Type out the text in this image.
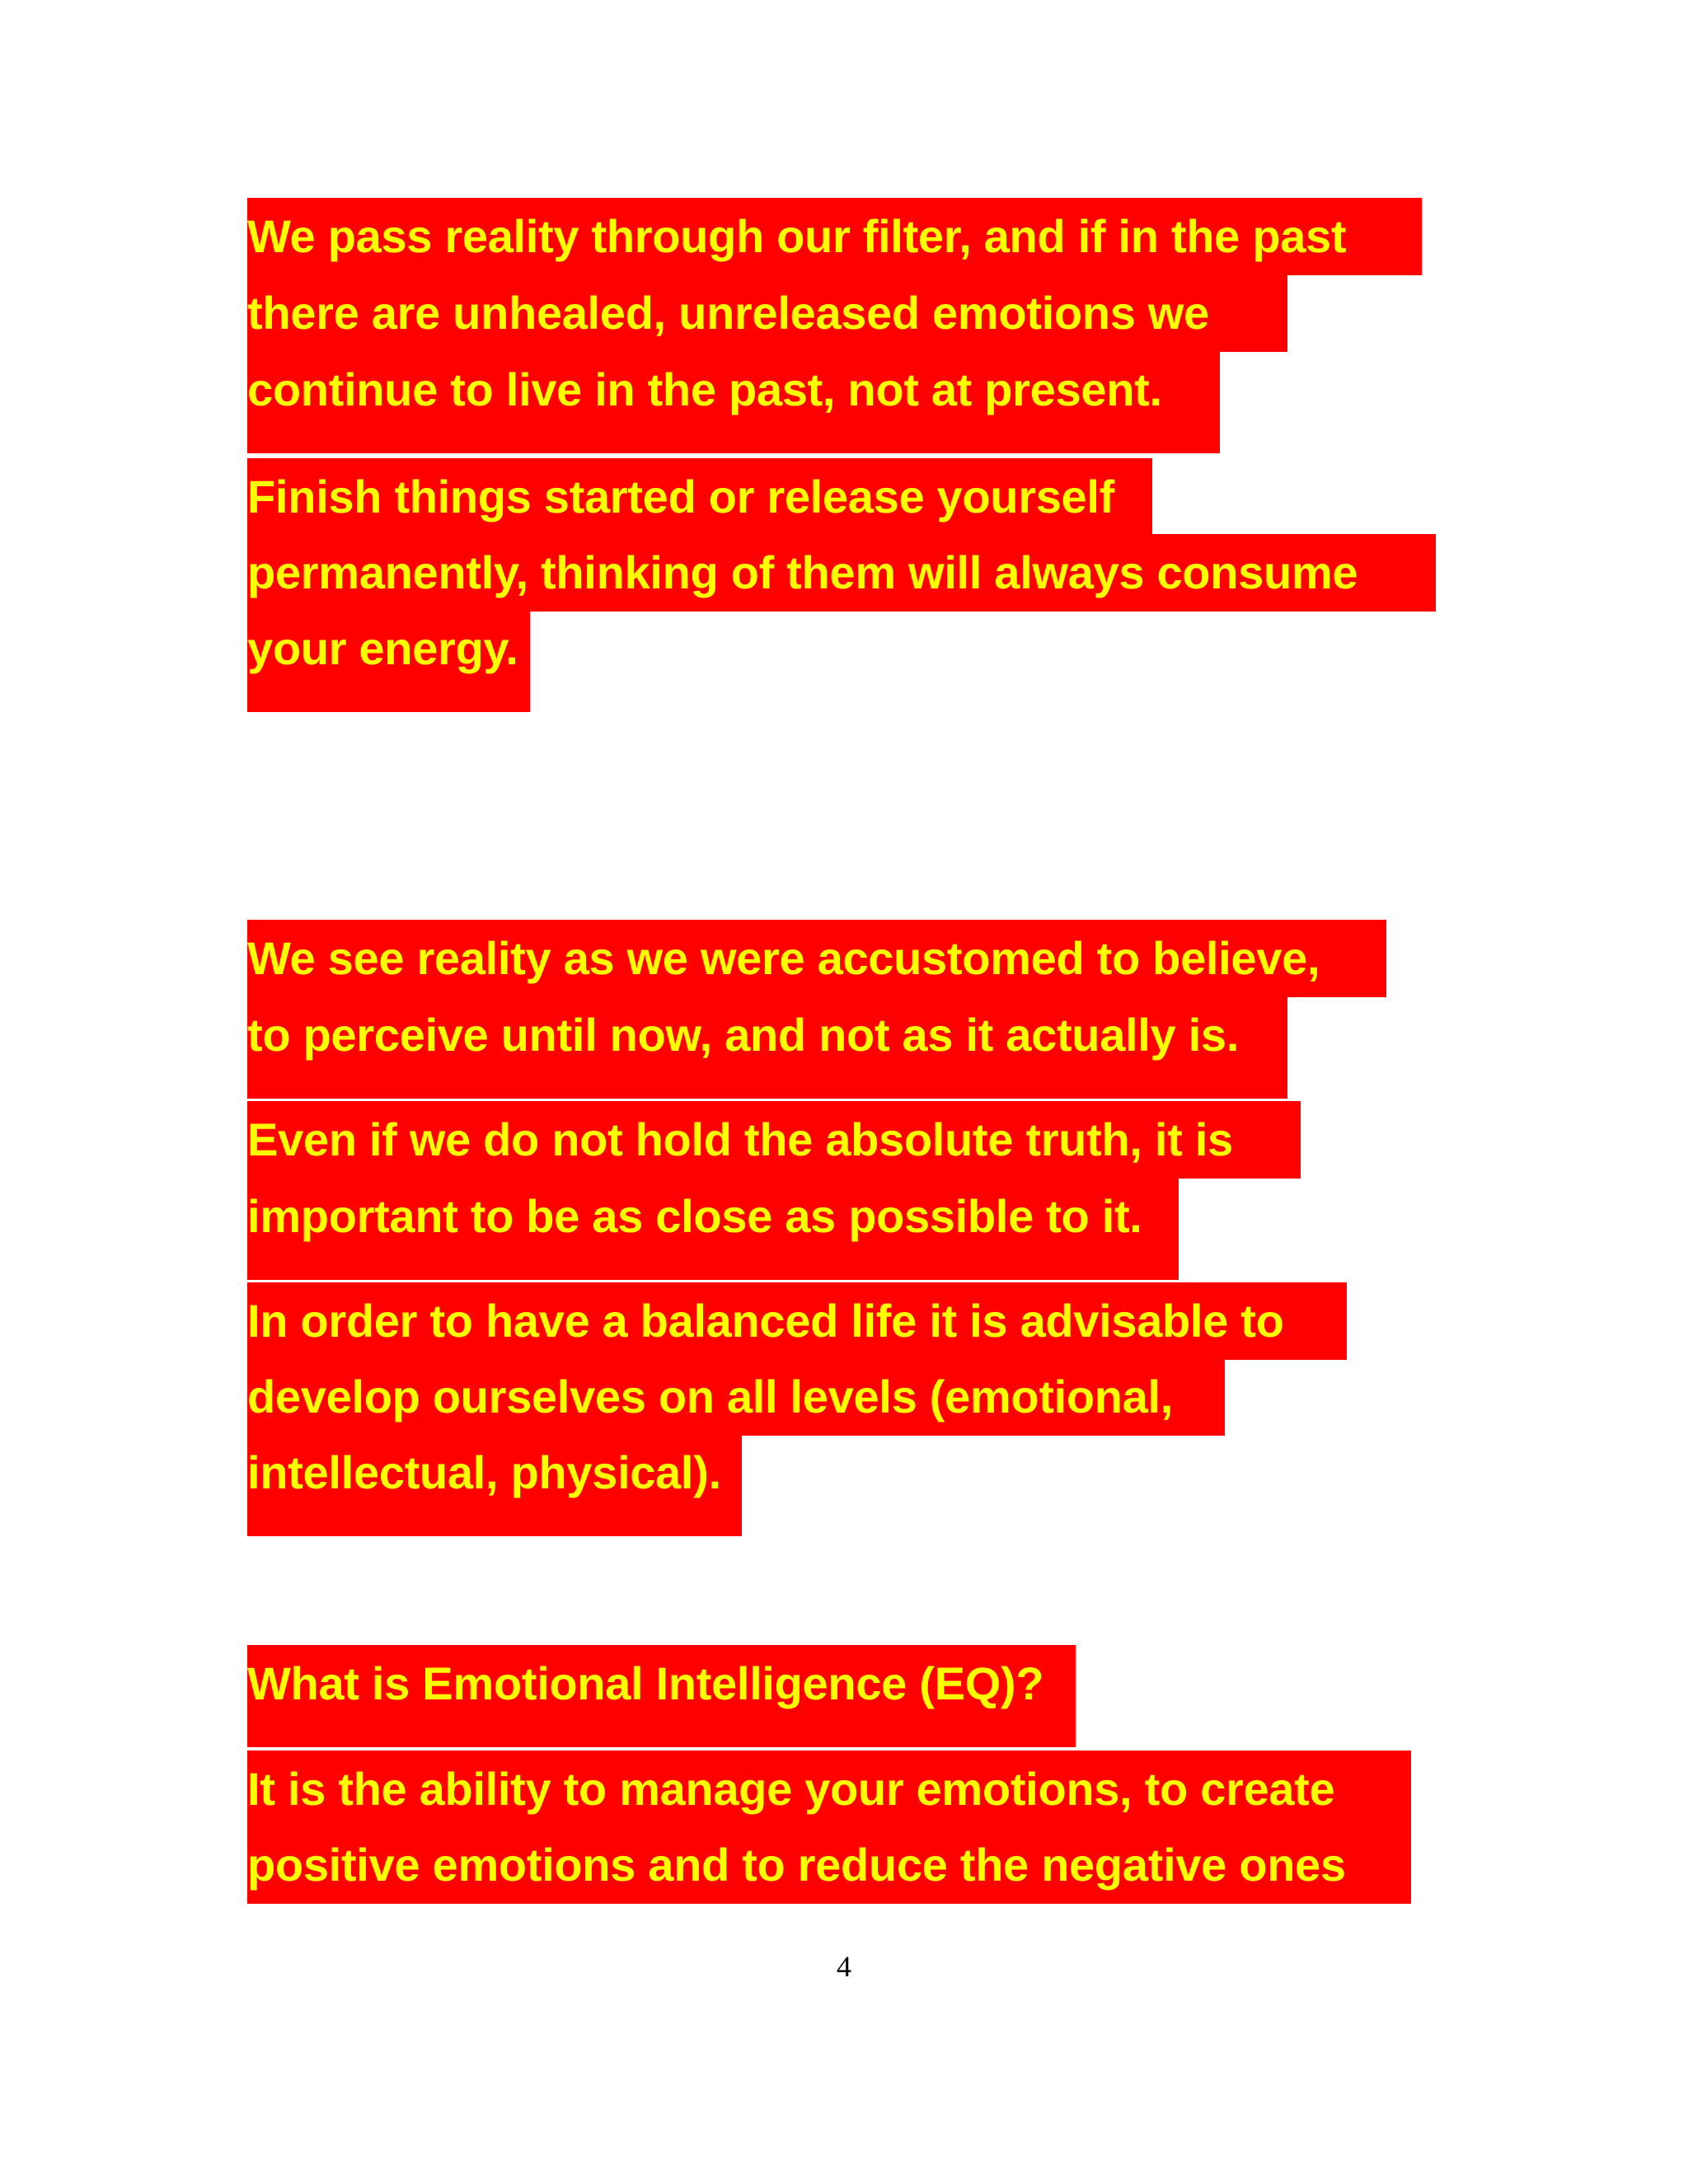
We pass reality through our filter, and if in the past
there are unhealed, unreleased emotions we
continue to live in the past, not at present.
Finish things started or release yourself
permanently, thinking of them will always consume
your energy.
We see reality as we were accustomed to believe,
to perceive until now, and not as it actually is.
Even if we do not hold the absolute truth, it is
important to be as close as possible to it.
In order to have a balanced life it is advisable to
develop ourselves on all levels (emotional,
intellectual, physical).
What is Emotional Intelligence (EQ)?
It is the ability to manage your emotions, to create
positive emotions and to reduce the negative ones
4
